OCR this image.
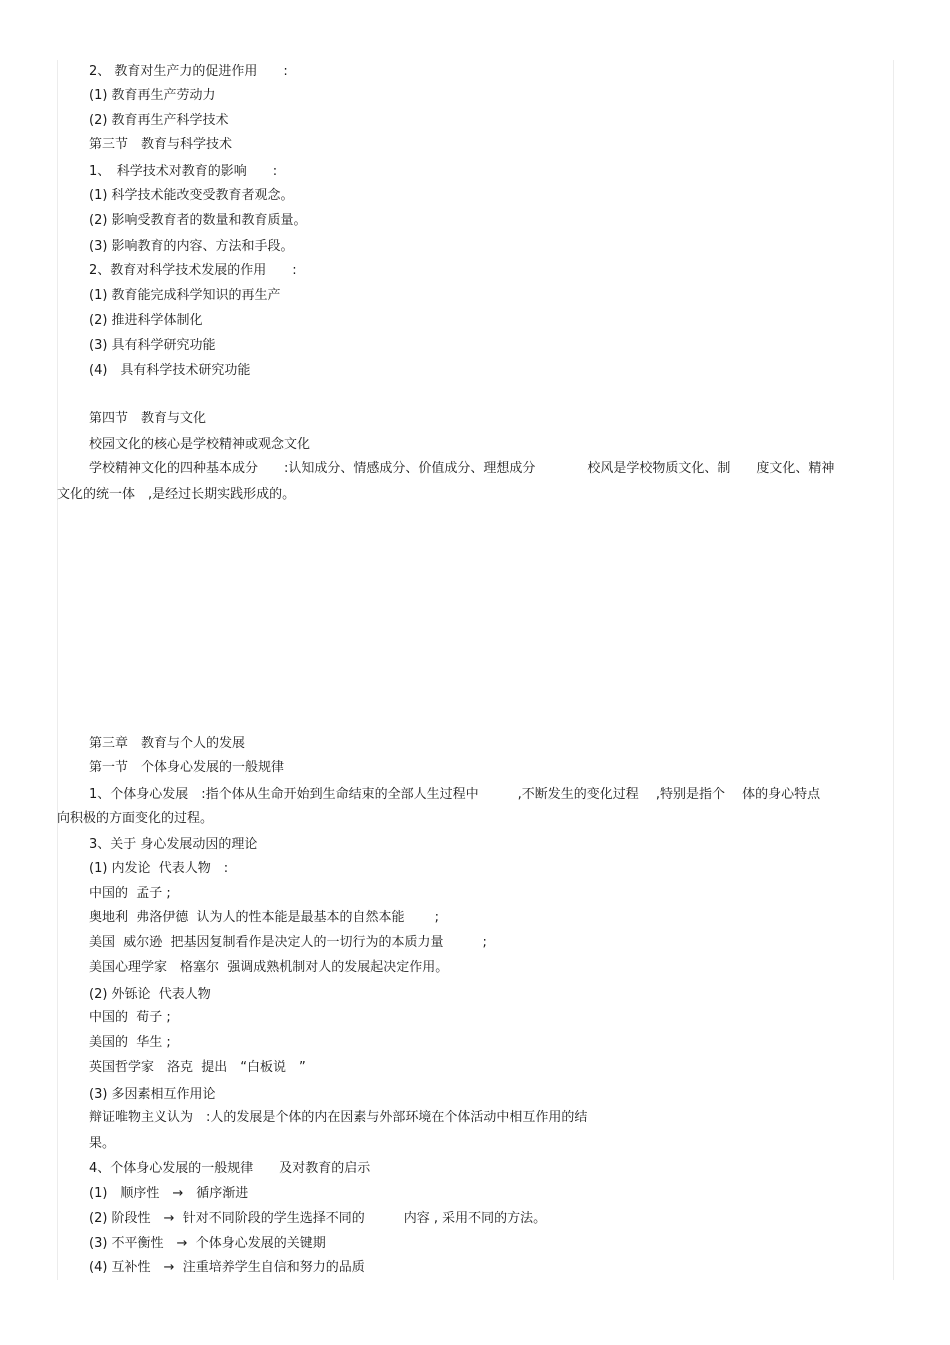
2、 教育对生产力的促进作用　　:

(1) 教育再生产劳动力

(2) 教育再生产科学技术

第三节　教育与科学技术

1、　科学技术对教育的影响　　:

(1) 科学技术能改变受教育者观念。

(2) 影响受教育者的数量和教育质量。

(3) 影响教育的内容、方法和手段。

2、教育对科学技术发展的作用　　:

(1) 教育能完成科学知识的再生产

(2) 推进科学体制化

(3) 具有科学研究功能

(4)　具有科学技术研究功能

第四节　教育与文化

校园文化的核心是学校精神或观念文化

学校精神文化的四种基本成分　　:认知成分、情感成分、价值成分、理想成分　　　　校风是学校物质文化、制　　度文化、精神

文化的统一体　,是经过长期实践形成的。

第三章　教育与个人的发展

第一节　个体身心发展的一般规律

1、个体身心发展　:指个体从生命开始到生命结束的全部人生过程中　　　,不断发生的变化过程　 ,特别是指个　 体的身心特点

向积极的方面变化的过程。

3、关于 身心发展动因的理论

(1) 内发论  代表人物　:

中国的  孟子 ;

奥地利  弗洛伊德  认为人的性本能是最基本的自然本能　　 ;

美国  威尔逊  把基因复制看作是决定人的一切行为的本质力量　　　;

美国心理学家　格塞尔  强调成熟机制对人的发展起决定作用。

(2) 外铄论  代表人物

中国的  荀子 ;

美国的  华生 ;

英国哲学家　洛克  提出　“白板说　”

(3) 多因素相互作用论

辩证唯物主义认为　:人的发展是个体的内在因素与外部环境在个体活动中相互作用的结

果。

4、个体身心发展的一般规律　　及对教育的启示

(1)　顺序性　→　循序渐进

(2) 阶段性　→  针对不同阶段的学生选择不同的　　　内容 , 采用不同的方法。

(3) 不平衡性　→  个体身心发展的关键期

(4) 互补性　→  注重培养学生自信和努力的品质
